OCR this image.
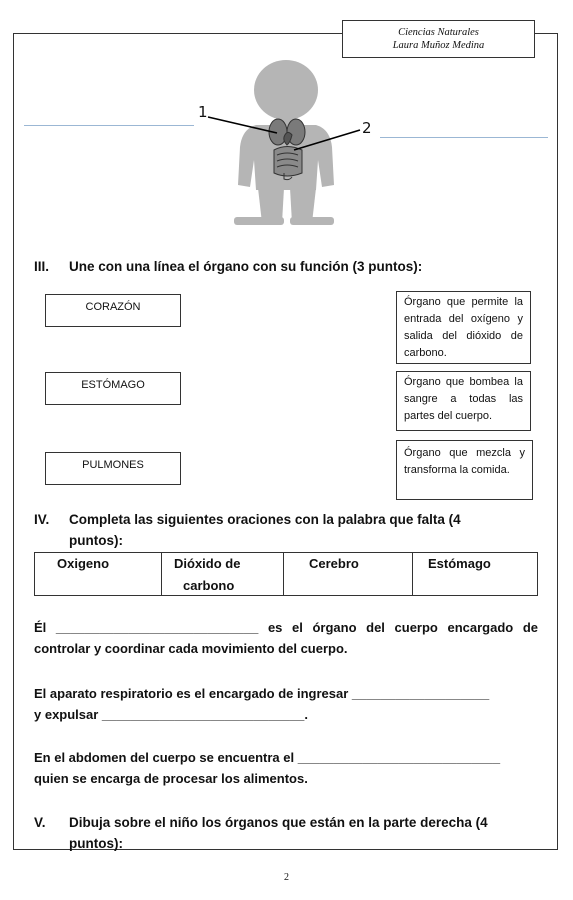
Ciencias Naturales
Laura Muñoz Medina
1
2
III. Une con una línea el órgano con su función (3 puntos):
CORAZÓN
ESTÓMAGO
PULMONES
Órgano que permite la entrada del oxígeno y salida del dióxido de carbono.
Órgano que bombea la sangre a todas las partes del cuerpo.
Órgano que mezcla y transforma la comida.
IV. Completa las siguientes oraciones con la palabra que falta (4
puntos):
Oxigeno	Dióxido de
carbono
Cerebro	Estómago
Él ____________________________ es el órgano del cuerpo encargado de
controlar y coordinar cada movimiento del cuerpo.
El aparato respiratorio es el encargado de ingresar ___________________
y expulsar ____________________________.
En el abdomen del cuerpo se encuentra el ____________________________
quien se encarga de procesar los alimentos.
V. Dibuja sobre el niño los órganos que están en la parte derecha (4
puntos):
2
